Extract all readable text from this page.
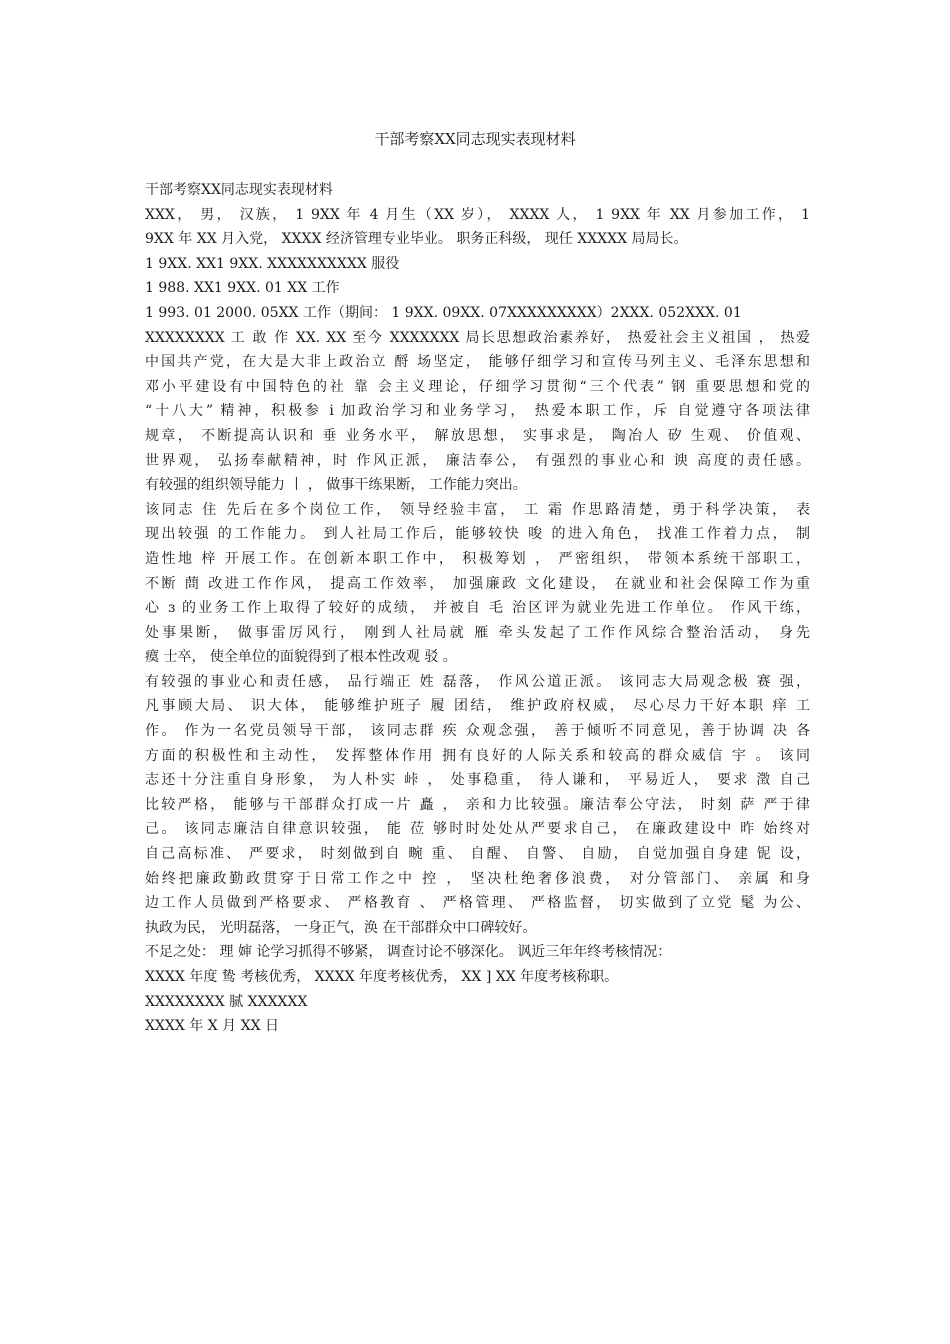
干部考察XX同志现实表现材料
干部考察XX同志现实表现材料
XXX， 男， 汉族， 1 9XX 年 4 月生（XX 岁）， XXXX 人， 1 9XX 年 XX 月参加工作， 1
9XX 年 XX 月入党， XXXX 经济管理专业毕业。 职务正科级， 现任 XXXXX 局局长。
1 9XX. XX1 9XX. XXXXXXXXXX 服役
1 988. XX1 9XX. 01 XX 工作
1 993. 01 2000. 05XX 工作（期间： 1 9XX. 09XX. 07XXXXXXXXX）2XXX. 052XXX. 01
XXXXXXXX 工 敢 作 XX. XX 至今 XXXXXXX 局长思想政治素养好， 热爱社会主义祖国 ， 热爱
中国共产党，在大是大非上政治立 酹 场坚定， 能够仔细学习和宣传马列主义、毛泽东思想和
邓小平建设有中国特色的社 靠 会主义理论，仔细学习贯彻“三个代表” 钢 重要思想和党的
“十八大” 精神，积极参 i 加政治学习和业务学习， 热爱本职工作，斥 自觉遵守各项法律
规章， 不断提高认识和 垂 业务水平， 解放思想， 实事求是， 陶冶人 矽 生观、 价值观、
世界观， 弘扬奉献精神，时 作风正派， 廉洁奉公， 有强烈的事业心和 谀 高度的责任感。
有较强的组织领导能力 丨 ， 做事干练果断， 工作能力突出。
该同志 住 先后在多个岗位工作， 领导经验丰富， 工 霜 作思路清楚，勇于科学决策， 表
现出较强 的工作能力。 到人社局工作后，能够较快 唆 的进入角色， 找准工作着力点， 制
造性地 梓 开展工作。在创新本职工作中， 积极筹划 ， 严密组织， 带领本系统干部职工，
不断 蔄 改进工作作风， 提高工作效率， 加强廉政 文化建设， 在就业和社会保障工作为重
心 ɜ 的业务工作上取得了较好的成绩， 并被自 毛 治区评为就业先进工作单位。 作风干练，
处事果断， 做事雷厉风行， 刚到人社局就 雁 牵头发起了工作作风综合整治活动， 身先
瘼 士卒， 使全单位的面貌得到了根本性改观 驳 。
有较强的事业心和责任感， 品行端正 姓 磊落， 作风公道正派。 该同志大局观念极 赛 强，
凡事顾大局、 识大体， 能够维护班子 履 团结， 维护政府权威， 尽心尽力干好本职 痒 工
作。 作为一名党员领导干部， 该同志群 疾 众观念强， 善于倾听不同意见，善于协调 决 各
方面的积极性和主动性， 发挥整体作用 拥有良好的人际关系和较高的群众威信 宇 。 该同
志还十分注重自身形象， 为人朴实 峠 ， 处事稳重， 待人谦和， 平易近人， 要求 澂 自己
比较严格， 能够与干部群众打成一片 矗 ， 亲和力比较强。廉洁奉公守法， 时刻 萨 严于律
己。 该同志廉洁自律意识较强， 能 莅 够时时处处从严要求自己， 在廉政建设中 昨 始终对
自己高标准、 严要求， 时刻做到自 畹 重、 自醒、 自警、 自励， 自觉加强自身建 铌 设，
始终把廉政勤政贯穿于日常工作之中 控 ， 坚决杜绝奢侈浪费， 对分管部门、 亲属 和身
边工作人员做到严格要求、 严格教育 、 严格管理、 严格监督， 切实做到了立党 髦 为公、
执政为民， 光明磊落， 一身正气，涣 在干部群众中口碑较好。
不足之处： 理 婶 论学习抓得不够紧， 调查讨论不够深化。 讽近三年年终考核情况：
XXXX 年度 鸷 考核优秀， XXXX 年度考核优秀， XX ] XX 年度考核称职。
XXXXXXXX 腻 XXXXXX
XXXX 年 X 月 XX 日
